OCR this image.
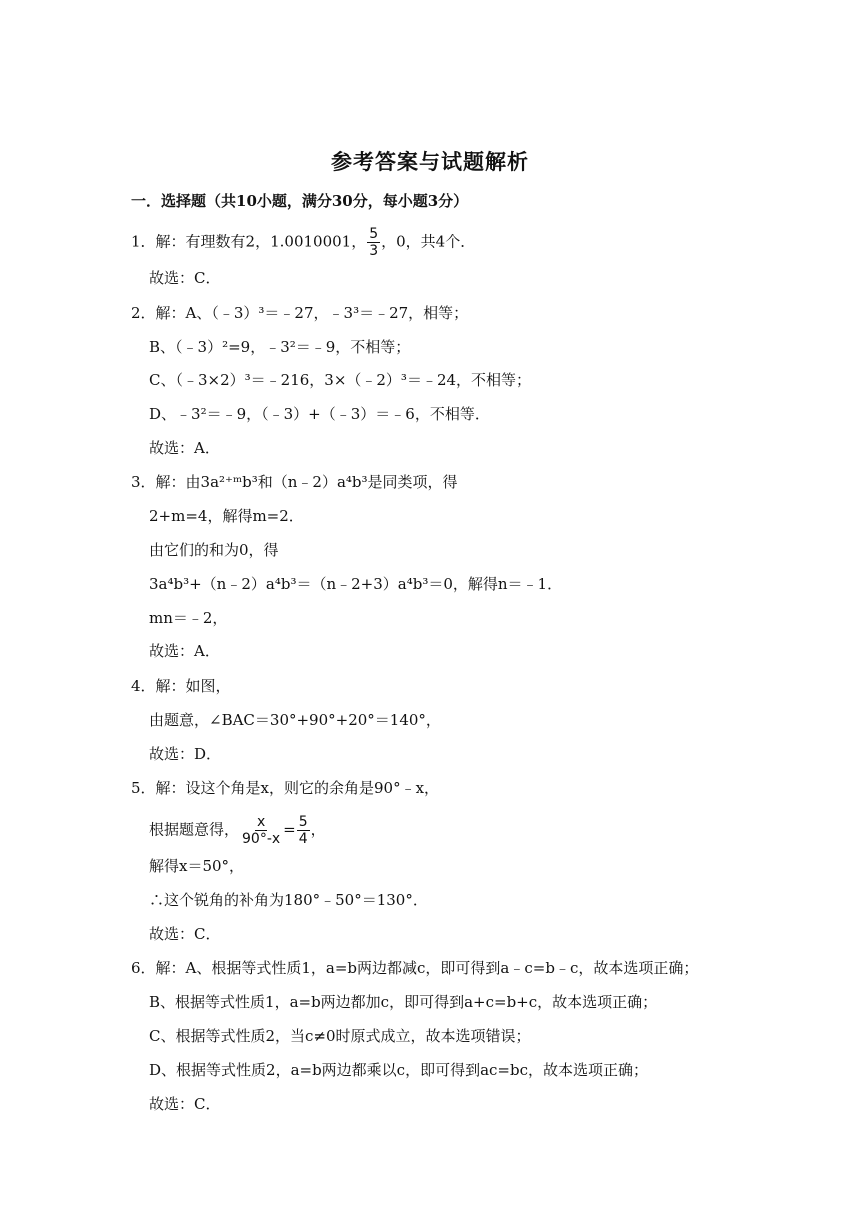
参考答案与试题解析
一．选择题（共10小题，满分30分，每小题3分）
1．解：有理数有2，1.0010001， $\frac{5}{3}$ ，0，共4个．
故选：C．
2．解：A、（﹣3）³＝﹣27，﹣3³＝﹣27，相等；
B、（﹣3）²=9，﹣3²＝﹣9，不相等；
C、（﹣3×2）³＝﹣216，3×（﹣2）³＝﹣24，不相等；
D、﹣3²＝﹣9，（﹣3）+（﹣3）＝﹣6，不相等．
故选：A．
3．解：由3a²⁺ᵐb³和（n﹣2）a⁴b³是同类项，得
2+m=4，解得m=2．
由它们的和为0，得
3a⁴b³+（n﹣2）a⁴b³＝（n﹣2+3）a⁴b³＝0，解得n＝﹣1．
mn＝﹣2，
故选：A．
4．解：如图，
由题意，∠BAC＝30°+90°+20°＝140°，
故选：D．
5．解：设这个角是x，则它的余角是90°﹣x，
根据题意得， $\frac{x}{90^\circ-x} = \frac{5}{4}$ ，
解得x＝50°，
∴这个锐角的补角为180°﹣50°＝130°．
故选：C．
6．解：A、根据等式性质1，a=b两边都减c，即可得到a﹣c=b﹣c，故本选项正确；
B、根据等式性质1，a=b两边都加c，即可得到a+c=b+c，故本选项正确；
C、根据等式性质2，当c≠0时原式成立，故本选项错误；
D、根据等式性质2，a=b两边都乘以c，即可得到ac=bc，故本选项正确；
故选：C．
